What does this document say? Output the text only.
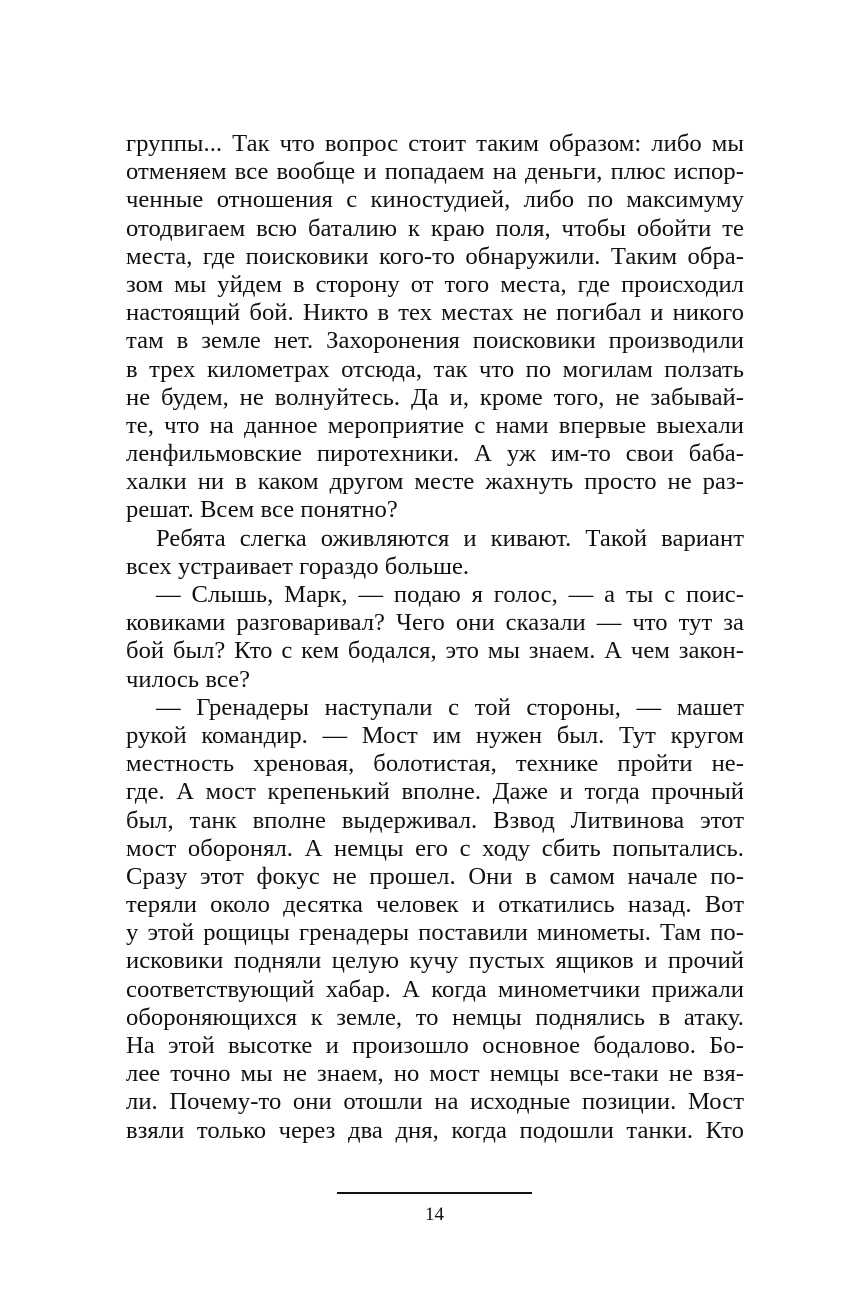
группы... Так что вопрос стоит таким образом: либо мы
отменяем все вообще и попадаем на деньги, плюс испор-
ченные отношения с киностудией, либо по максимуму
отодвигаем всю баталию к краю поля, чтобы обойти те
места, где поисковики кого-то обнаружили. Таким обра-
зом мы уйдем в сторону от того места, где происходил
настоящий бой. Никто в тех местах не погибал и никого
там в земле нет. Захоронения поисковики производили
в трех километрах отсюда, так что по могилам ползать
не будем, не волнуйтесь. Да и, кроме того, не забывай-
те, что на данное мероприятие с нами впервые выехали
ленфильмовские пиротехники. А уж им-то свои баба-
халки ни в каком другом месте жахнуть просто не раз-
решат. Всем все понятно?
Ребята слегка оживляются и кивают. Такой вариант
всех устраивает гораздо больше.
— Слышь, Марк, — подаю я голос, — а ты с поис-
ковиками разговаривал? Чего они сказали — что тут за
бой был? Кто с кем бодался, это мы знаем. А чем закон-
чилось все?
— Гренадеры наступали с той стороны, — машет
рукой командир. — Мост им нужен был. Тут кругом
местность хреновая, болотистая, технике пройти не-
где. А мост крепенький вполне. Даже и тогда прочный
был, танк вполне выдерживал. Взвод Литвинова этот
мост оборонял. А немцы его с ходу сбить попытались.
Сразу этот фокус не прошел. Они в самом начале по-
теряли около десятка человек и откатились назад. Вот
у этой рощицы гренадеры поставили минометы. Там по-
исковики подняли целую кучу пустых ящиков и прочий
соответствующий хабар. А когда минометчики прижали
обороняющихся к земле, то немцы поднялись в атаку.
На этой высотке и произошло основное бодалово. Бо-
лее точно мы не знаем, но мост немцы все-таки не взя-
ли. Почему-то они отошли на исходные позиции. Мост
взяли только через два дня, когда подошли танки. Кто
14
